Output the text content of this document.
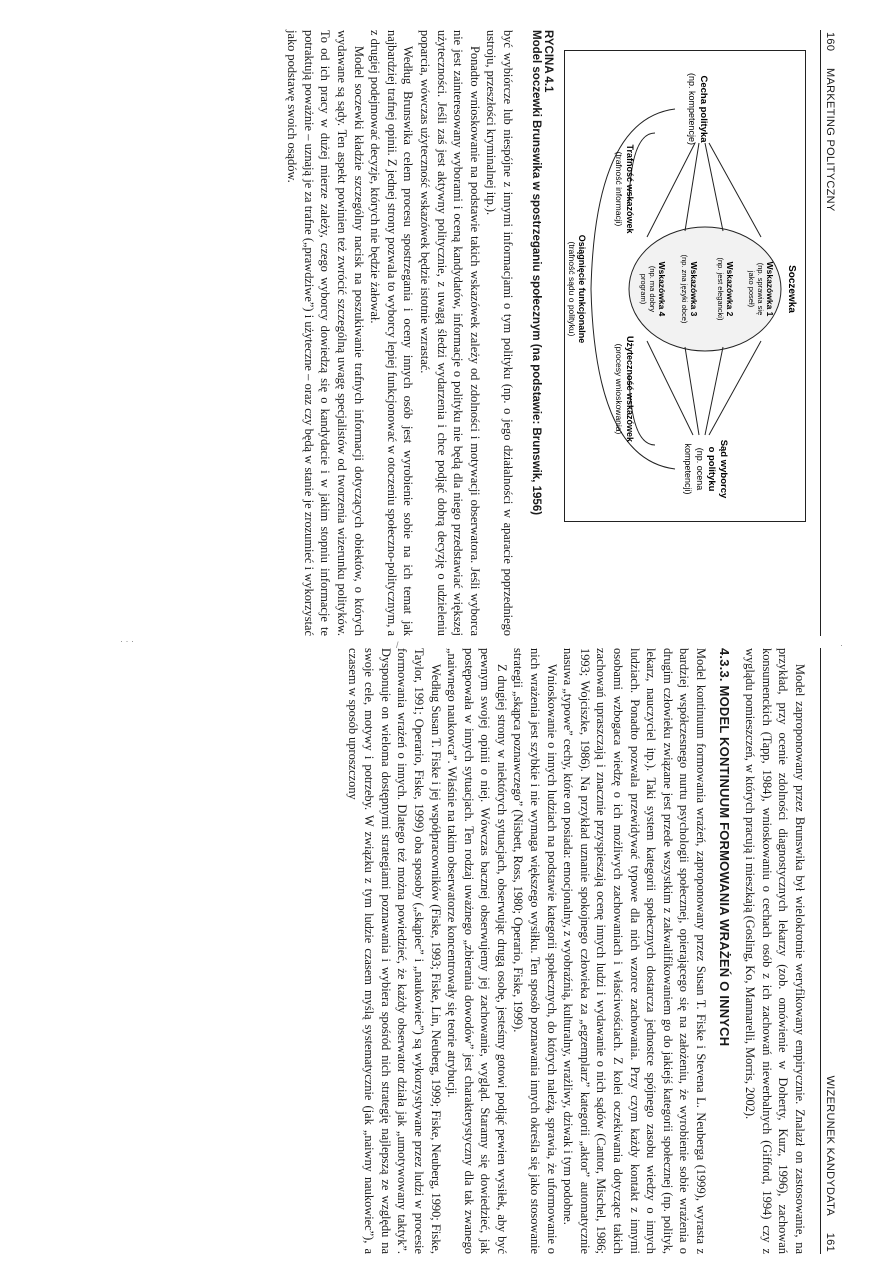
160     MARKETING POLITYCZNY
Cecha polityka
(np. kompetencje)
Sąd wyborcy
o polityku
(np. ocena
kompetencji)
Soczewka
Wskazówka 1
(np. sprawia się
jako poseł)
Wskazówka 2
(np. jest elegancki)
Wskazówka 3
(np. zna języki obce)
Wskazówka 4
(np. ma dobry
program)
Trafność wskazówek
(trafność informacji)
Użyteczność wskazówek
(procesy wnioskowania)
Osiągnięcie funkcjonalne
(trafność sądu o polityku)
RYCINA 4.1
Model soczewki Brunswika w spostrzeganiu społecznym (na podstawie: Brunswik, 1956)

być wybiórcze lub niespójne z innymi informacjami o tym polityku (np. o jego działalności w aparacie poprzedniego ustroju, przeszłości kryminalnej itp.).

Ponadto wnioskowanie na podstawie takich wskazówek zależy od zdolności i motywacji obserwatora. Jeśli wyborca nie jest zainteresowany wyborami i oceną kandydatów, informacje o polityku nie będą dla niego przedstawiać większej użyteczności. Jeśli zaś jest aktywny politycznie, z uwagą śledzi wydarzenia i chce podjąć dobrą decyzję o udzieleniu poparcia, wówczas użyteczność wskazówek będzie istotnie wzrastać.

Według Brunswika celem procesu spostrzegania i oceny innych osób jest wyrobienie sobie na ich temat jak najbardziej trafnej opinii. Z jednej strony pozwala to wyborcy lepiej funkcjonować w otoczeniu społeczno-politycznym, a z drugiej podejmować decyzje, których nie będzie żałował.

Model soczewki kładzie szczególny nacisk na poszukiwanie trafnych informacji dotyczących obiektów, o których wydawane są sądy. Ten aspekt powinien też zwrócić szczególną uwagę specjalistów od tworzenia wizerunku polityków. To od ich pracy w dużej mierze zależy, czego wyborcy dowiedzą się o kandydacie i w jakim stopniu informacje te potraktują poważnie – uznają je za trafne („prawdziwe”) i użyteczne – oraz czy będą w stanie je zrozumieć i wykorzystać jako podstawę swoich osądów.

WIZERUNEK KANDYDATA     161

Model zaproponowany przez Brunswika był wielokrotnie weryfikowany empirycznie. Znalazł on zastosowanie, na przykład, przy ocenie zdolności diagnostycznych lekarzy (zob. omówienie w Doherty, Kurz, 1996), zachowań konsumenckich (Tapp, 1984), wnioskowaniu o cechach osób z ich zachowań niewerbalnych (Gifford, 1994) czy z wyglądu pomieszczeń, w których pracują i mieszkają (Gosling, Ko, Mannarelli, Morris, 2002).

4.3.3. MODEL KONTINUUM FORMOWANIA WRAŻEŃ O INNYCH

Model kontinuum formowania wrażeń, zaproponowany przez Susan T. Fiske i Stevena L. Neuberga (1999), wyrasta z bardziej współczesnego nurtu psychologii społecznej, opierającego się na założeniu, że wyrobienie sobie wrażenia o drugim człowieku związane jest przede wszystkim z zakwalifikowaniem go do jakiejś kategorii społecznej (np. polityk, lekarz, nauczyciel itp.). Taki system kategorii społecznych dostarcza jednostce spójnego zasobu wiedzy o innych ludziach. Ponadto pozwala przewidywać typowe dla nich wzorce zachowania. Przy czym każdy kontakt z innymi osobami wzbogaca wiedzę o ich możliwych zachowaniach i właściwościach. Z kolei oczekiwania dotyczące takich zachowań upraszczają i znacznie przyspieszają ocenę innych ludzi i wydawanie o nich sądów (Cantor, Mischel, 1986; 1993; Wojciszke, 1986). Na przykład uznanie spokojnego człowieka za „egzemplarz” kategorii „aktor” automatycznie nasuwa „typowe” cechy, które on posiada: emocjonalny, z wyobraźnią, kulturalny, wrażliwy, dziwak i tym podobne.

Wnioskowanie o innych ludziach na podstawie kategorii społecznych, do których należą, sprawia, że uformowanie o nich wrażenia jest szybkie i nie wymaga większego wysiłku. Ten sposób poznawania innych określa się jako stosowanie strategii „skąpca poznawczego” (Nisbett, Ross, 1980; Operario, Fiske, 1999).

Z drugiej strony w niektórych sytuacjach, obserwując drugą osobę, jesteśmy gotowi podjąć pewien wysiłek, aby być pewnym swojej opinii o niej. Wówczas bacznej obserwujemy jej zachowanie, wygląd. Staramy się dowiedzieć, jak postępowała w innych sytuacjach. Ten rodzaj uważnego „zbierania dowodów” jest charakterystyczny dla tak zwanego „naiwnego naukowca”. Właśnie na takim obserwatorze koncentrowały się teorie atrybucji.

Według Susan T. Fiske i jej współpracowników (Fiske, 1993; Fiske, Lin, Neuberg, 1999; Fiske, Neuberg, 1990; Fiske, Taylor, 1991; Operario, Fiske, 1999) oba sposoby („skąpiec” i „naukowiec”) są wykorzystywane przez ludzi w procesie formowania wrażeń o innych. Dlatego też można powiedzieć, że każdy obserwator działa jak „umotywowany taktyk”. Dysponuje on wieloma dostępnymi strategiami poznawania i wybiera spośród nich strategię najlepszą ze względu na swoje cele, motywy i potrzeby. W związku z tym ludzie czasem myślą systematycznie (jak „naiwny naukowiec”), a czasem w sposób uproszczony

· · ·	/	·
